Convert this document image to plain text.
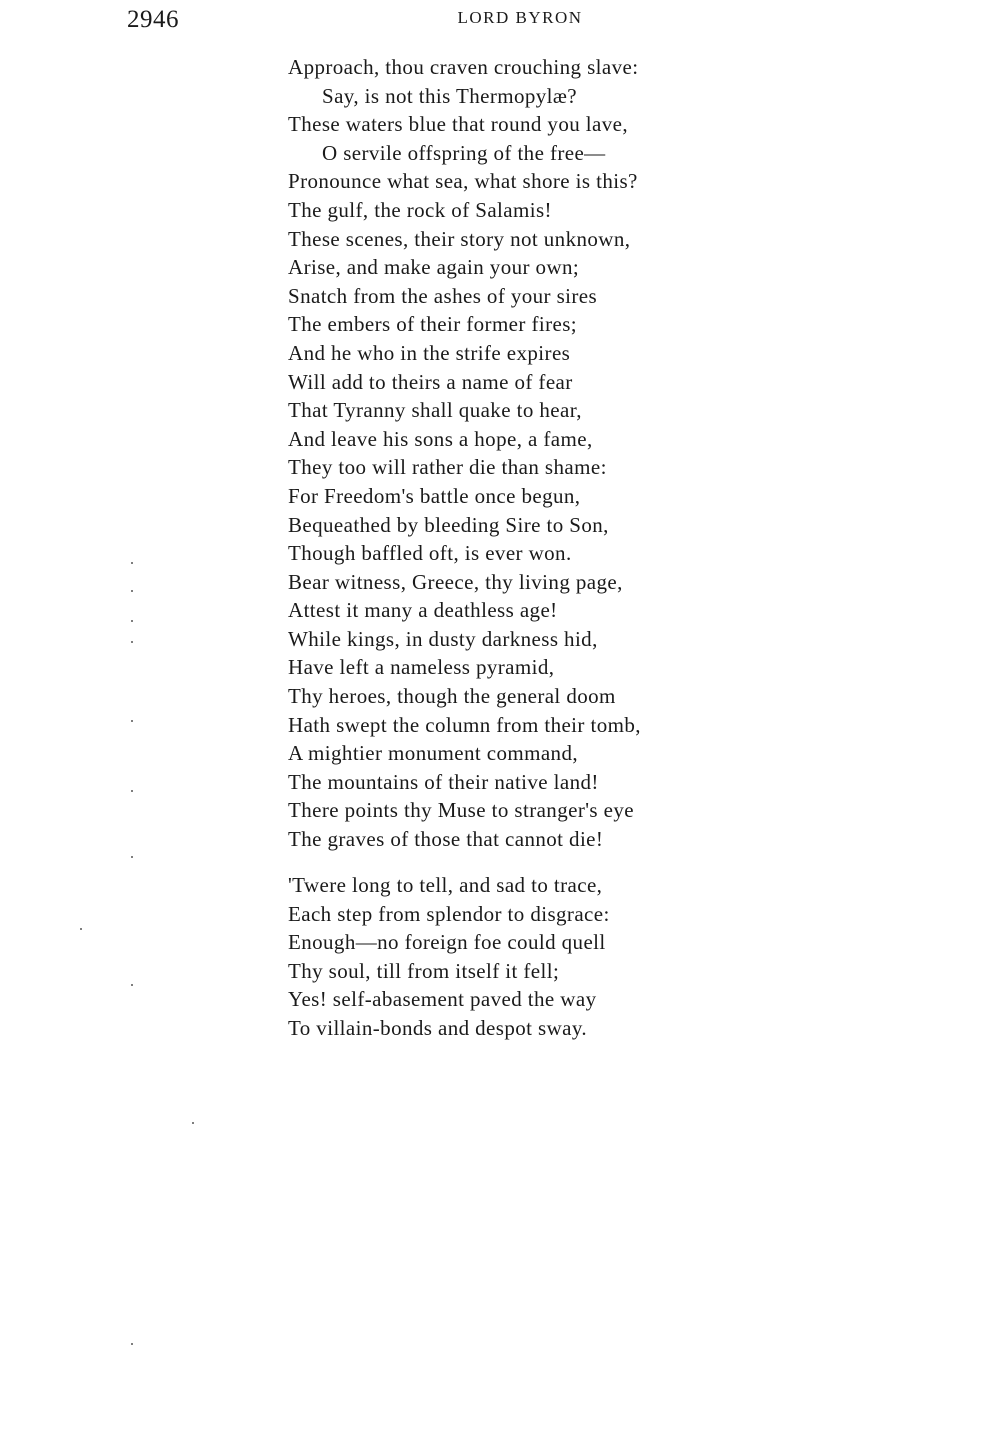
2946	LORD BYRON
Approach, thou craven crouching slave:
Say, is not this Thermopylæ?
These waters blue that round you lave,
O servile offspring of the free—
Pronounce what sea, what shore is this?
The gulf, the rock of Salamis!
These scenes, their story not unknown,
Arise, and make again your own;
Snatch from the ashes of your sires
The embers of their former fires;
And he who in the strife expires
Will add to theirs a name of fear
That Tyranny shall quake to hear,
And leave his sons a hope, a fame,
They too will rather die than shame:
For Freedom's battle once begun,
Bequeathed by bleeding Sire to Son,
Though baffled oft, is ever won.
Bear witness, Greece, thy living page,
Attest it many a deathless age!
While kings, in dusty darkness hid,
Have left a nameless pyramid,
Thy heroes, though the general doom
Hath swept the column from their tomb,
A mightier monument command,
The mountains of their native land!
There points thy Muse to stranger's eye
The graves of those that cannot die!
'Twere long to tell, and sad to trace,
Each step from splendor to disgrace:
Enough—no foreign foe could quell
Thy soul, till from itself it fell;
Yes! self-abasement paved the way
To villain-bonds and despot sway.
